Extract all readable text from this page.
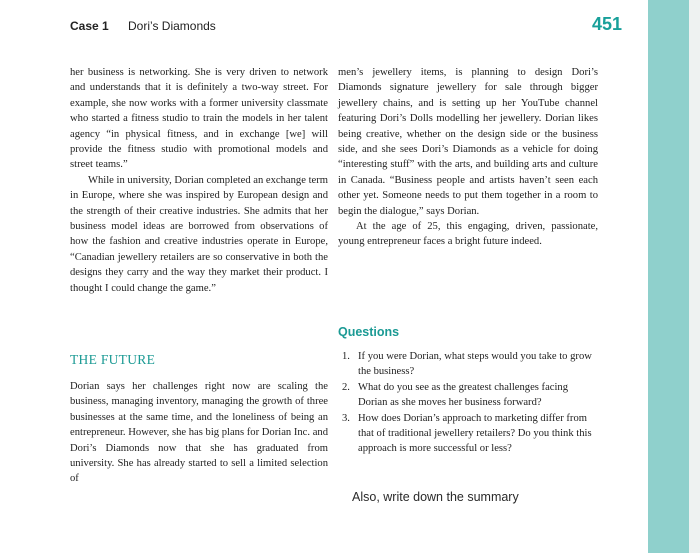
Case 1 Dori’s Diamonds	451

her business is networking. She is very driven to network and understands that it is definitely a two-way street. For example, she now works with a former university classmate who started a fitness studio to train the models in her talent agency “in physical fitness, and in exchange [we] will provide the fitness studio with promotional models and street teams.”

While in university, Dorian completed an exchange term in Europe, where she was inspired by European design and the strength of their creative industries. She admits that her business model ideas are borrowed from observations of how the fashion and creative industries operate in Europe, “Canadian jewellery retailers are so conservative in both the designs they carry and the way they market their product. I thought I could change the game.”

THE FUTURE
Dorian says her challenges right now are scaling the business, managing inventory, managing the growth of three businesses at the same time, and the loneliness of being an entrepreneur. However, she has big plans for Dorian Inc. and Dori’s Diamonds now that she has graduated from university. She has already started to sell a limited selection of

men’s jewellery items, is planning to design Dori’s Diamonds signature jewellery for sale through bigger jewellery chains, and is setting up her YouTube channel featuring Dori’s Dolls modelling her jewellery. Dorian likes being creative, whether on the design side or the business side, and she sees Dori’s Diamonds as a vehicle for doing “interesting stuff” with the arts, and building arts and culture in Canada. “Business people and artists haven’t seen each other yet. Someone needs to put them together in a room to begin the dialogue,” says Dorian.

At the age of 25, this engaging, driven, passionate, young entrepreneur faces a bright future indeed.

Questions
1. If you were Dorian, what steps would you take to grow the business?
2. What do you see as the greatest challenges facing Dorian as she moves her business forward?
3. How does Dorian’s approach to marketing differ from that of traditional jewellery retailers? Do you think this approach is more successful or less?
Also, write down the summary
